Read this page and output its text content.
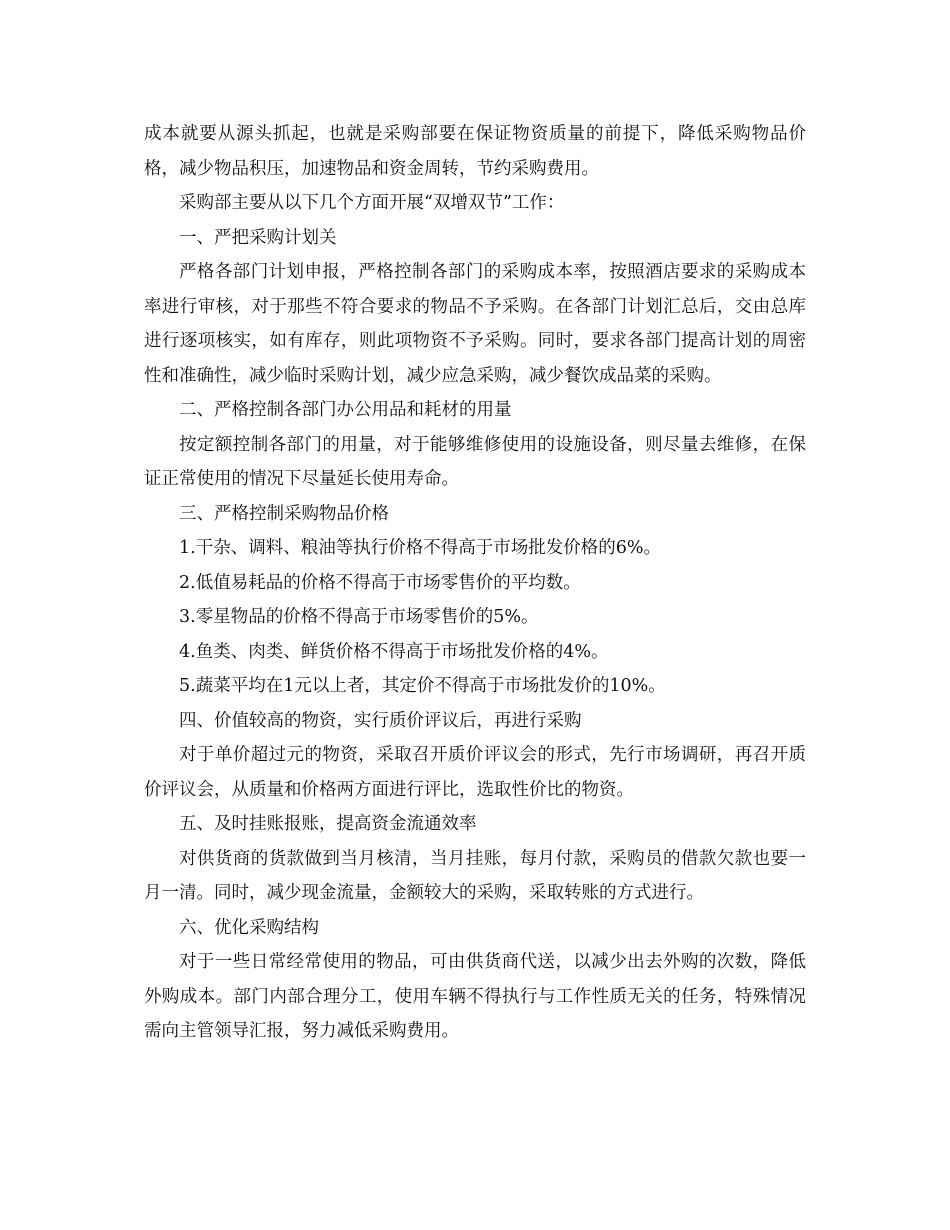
成本就要从源头抓起，也就是采购部要在保证物资质量的前提下，降低采购物品价格，减少物品积压，加速物品和资金周转，节约采购费用。

采购部主要从以下几个方面开展“双增双节”工作：

一、严把采购计划关

严格各部门计划申报，严格控制各部门的采购成本率，按照酒店要求的采购成本率进行审核，对于那些不符合要求的物品不予采购。在各部门计划汇总后，交由总库进行逐项核实，如有库存，则此项物资不予采购。同时，要求各部门提高计划的周密性和准确性，减少临时采购计划，减少应急采购，减少餐饮成品菜的采购。

二、严格控制各部门办公用品和耗材的用量

按定额控制各部门的用量，对于能够维修使用的设施设备，则尽量去维修，在保证正常使用的情况下尽量延长使用寿命。

三、严格控制采购物品价格

1.干杂、调料、粮油等执行价格不得高于市场批发价格的6%。

2.低值易耗品的价格不得高于市场零售价的平均数。

3.零星物品的价格不得高于市场零售价的5%。

4.鱼类、肉类、鲜货价格不得高于市场批发价格的4%。

5.蔬菜平均在1元以上者，其定价不得高于市场批发价的10%。

四、价值较高的物资，实行质价评议后，再进行采购

对于单价超过元的物资，采取召开质价评议会的形式，先行市场调研，再召开质价评议会，从质量和价格两方面进行评比，选取性价比的物资。

五、及时挂账报账，提高资金流通效率

对供货商的货款做到当月核清，当月挂账，每月付款，采购员的借款欠款也要一月一清。同时，减少现金流量，金额较大的采购，采取转账的方式进行。

六、优化采购结构

对于一些日常经常使用的物品，可由供货商代送，以减少出去外购的次数，降低外购成本。部门内部合理分工，使用车辆不得执行与工作性质无关的任务，特殊情况需向主管领导汇报，努力减低采购费用。
